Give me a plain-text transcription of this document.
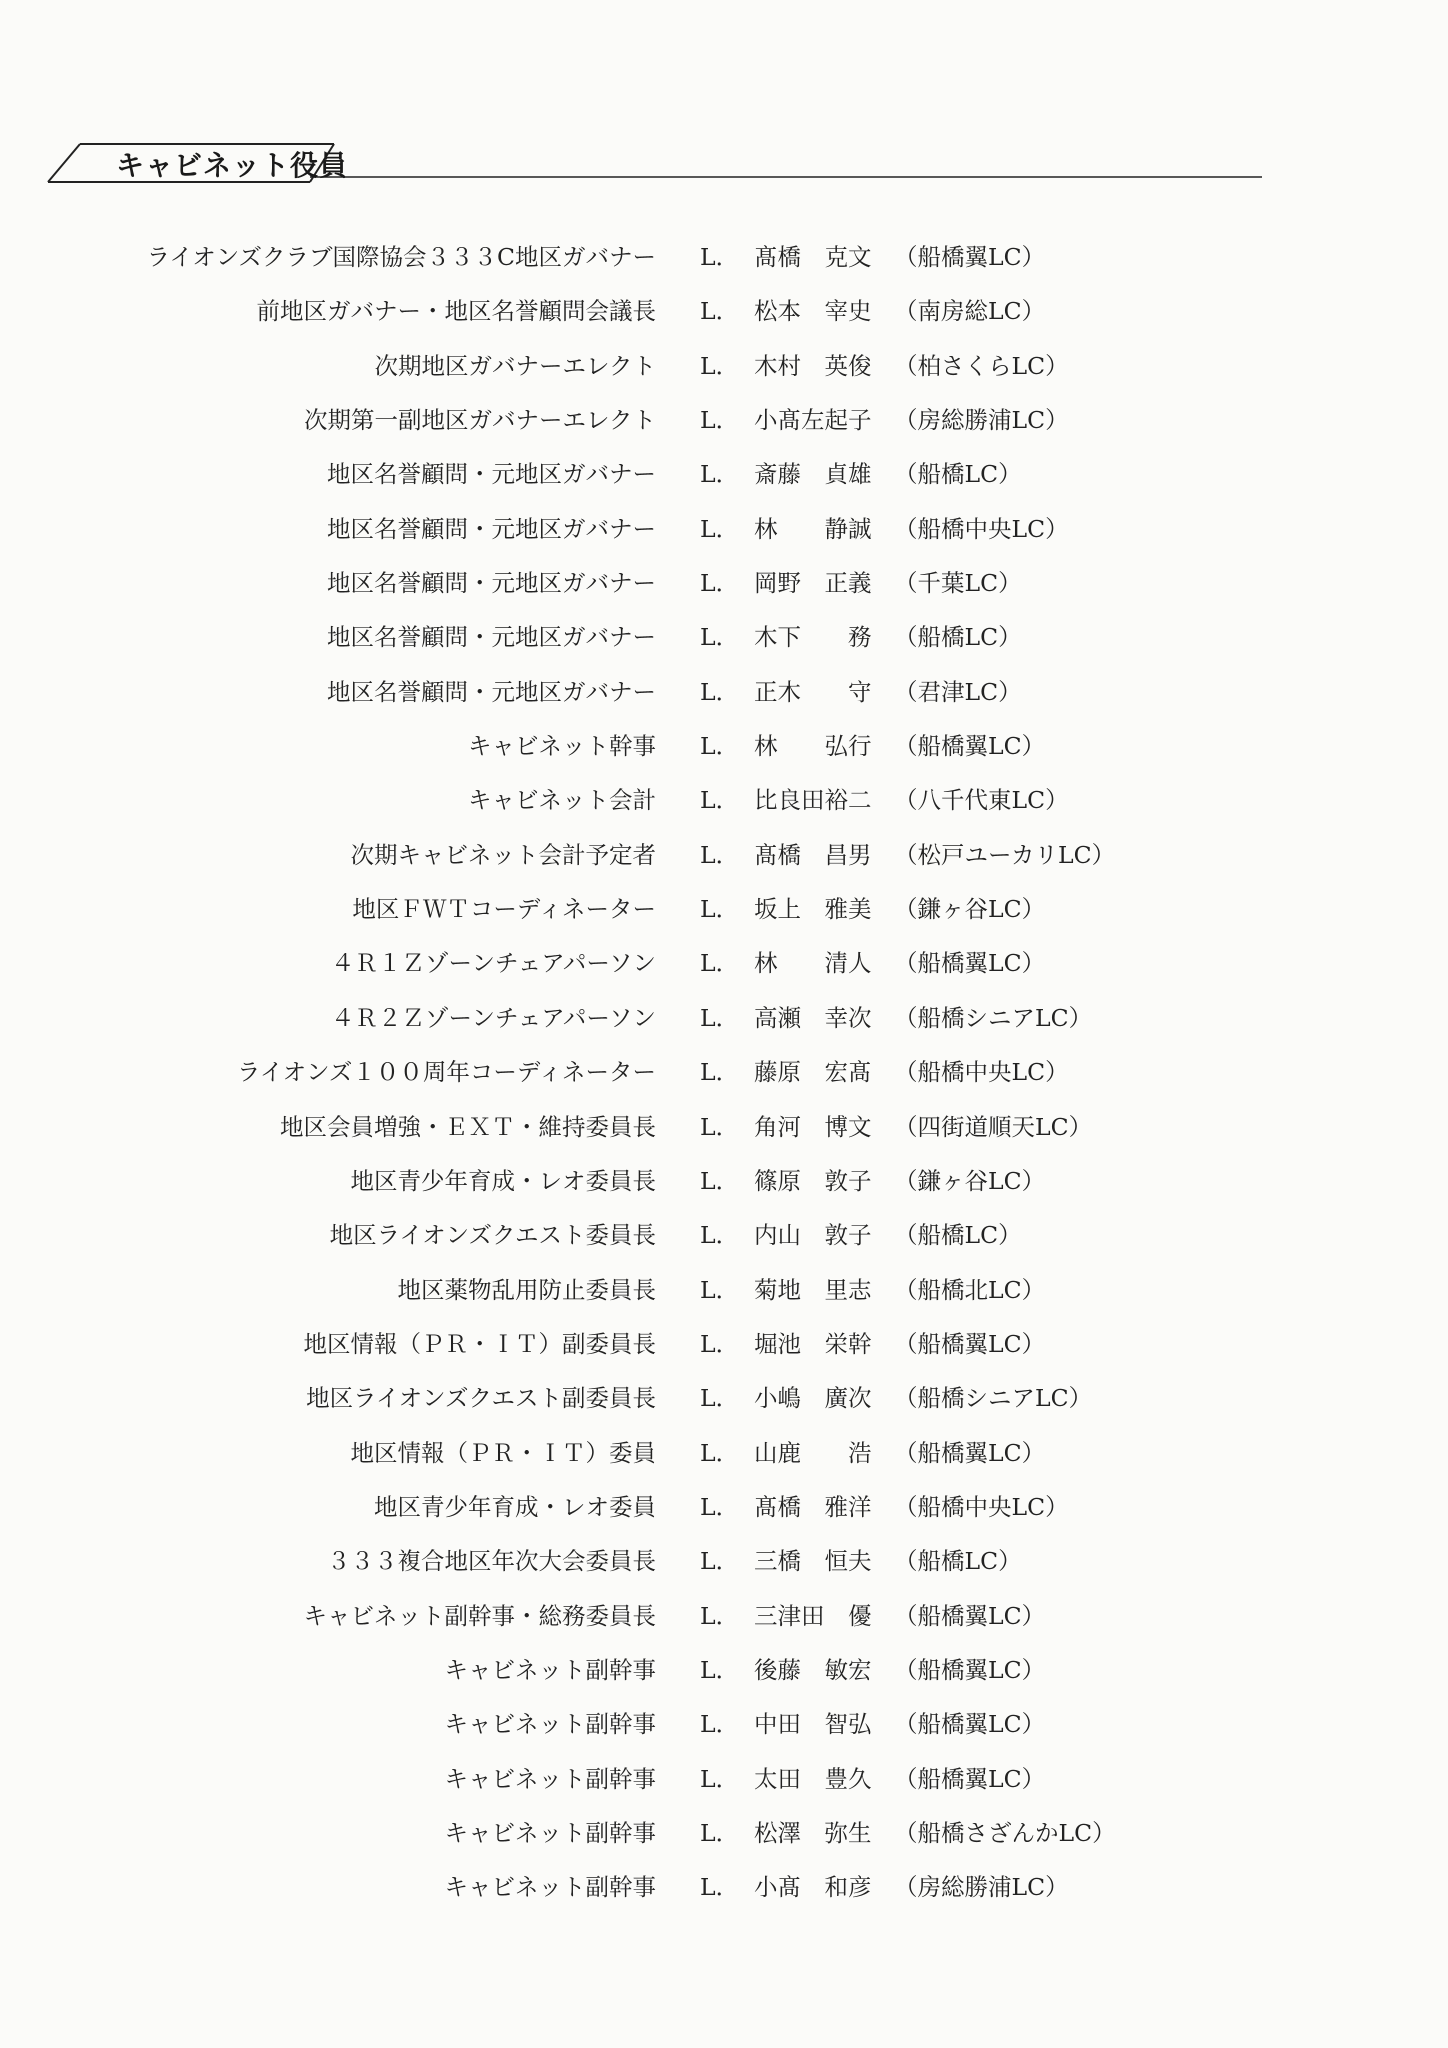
キャビネット役員
ライオンズクラブ国際協会３３３C地区ガバナー L． 髙橋　克文 （船橋翼LC）
前地区ガバナー・地区名誉顧問会議長 L． 松本　宰史 （南房総LC）
次期地区ガバナーエレクト L． 木村　英俊 （柏さくらLC）
次期第一副地区ガバナーエレクト L． 小髙左起子 （房総勝浦LC）
地区名誉顧問・元地区ガバナー L． 斎藤　貞雄 （船橋LC）
地区名誉顧問・元地区ガバナー L． 林　　静誠 （船橋中央LC）
地区名誉顧問・元地区ガバナー L． 岡野　正義 （千葉LC）
地区名誉顧問・元地区ガバナー L． 木下　　務 （船橋LC）
地区名誉顧問・元地区ガバナー L． 正木　　守 （君津LC）
キャビネット幹事 L． 林　　弘行 （船橋翼LC）
キャビネット会計 L． 比良田裕二 （八千代東LC）
次期キャビネット会計予定者 L． 髙橋　昌男 （松戸ユーカリLC）
地区ＦＷＴコーディネーター L． 坂上　雅美 （鎌ヶ谷LC）
４Ｒ１Ｚゾーンチェアパーソン L． 林　　清人 （船橋翼LC）
４Ｒ２Ｚゾーンチェアパーソン L． 高瀬　幸次 （船橋シニアLC）
ライオンズ１００周年コーディネーター L． 藤原　宏髙 （船橋中央LC）
地区会員増強・ＥＸＴ・維持委員長 L． 角河　博文 （四街道順天LC）
地区青少年育成・レオ委員長 L． 篠原　敦子 （鎌ヶ谷LC）
地区ライオンズクエスト委員長 L． 内山　敦子 （船橋LC）
地区薬物乱用防止委員長 L． 菊地　里志 （船橋北LC）
地区情報（ＰＲ・ＩＴ）副委員長 L． 堀池　栄幹 （船橋翼LC）
地区ライオンズクエスト副委員長 L． 小嶋　廣次 （船橋シニアLC）
地区情報（ＰＲ・ＩＴ）委員 L． 山鹿　　浩 （船橋翼LC）
地区青少年育成・レオ委員 L． 髙橋　雅洋 （船橋中央LC）
３３３複合地区年次大会委員長 L． 三橋　恒夫 （船橋LC）
キャビネット副幹事・総務委員長 L． 三津田　優 （船橋翼LC）
キャビネット副幹事 L． 後藤　敏宏 （船橋翼LC）
キャビネット副幹事 L． 中田　智弘 （船橋翼LC）
キャビネット副幹事 L． 太田　豊久 （船橋翼LC）
キャビネット副幹事 L． 松澤　弥生 （船橋さざんかLC）
キャビネット副幹事 L． 小髙　和彦 （房総勝浦LC）
